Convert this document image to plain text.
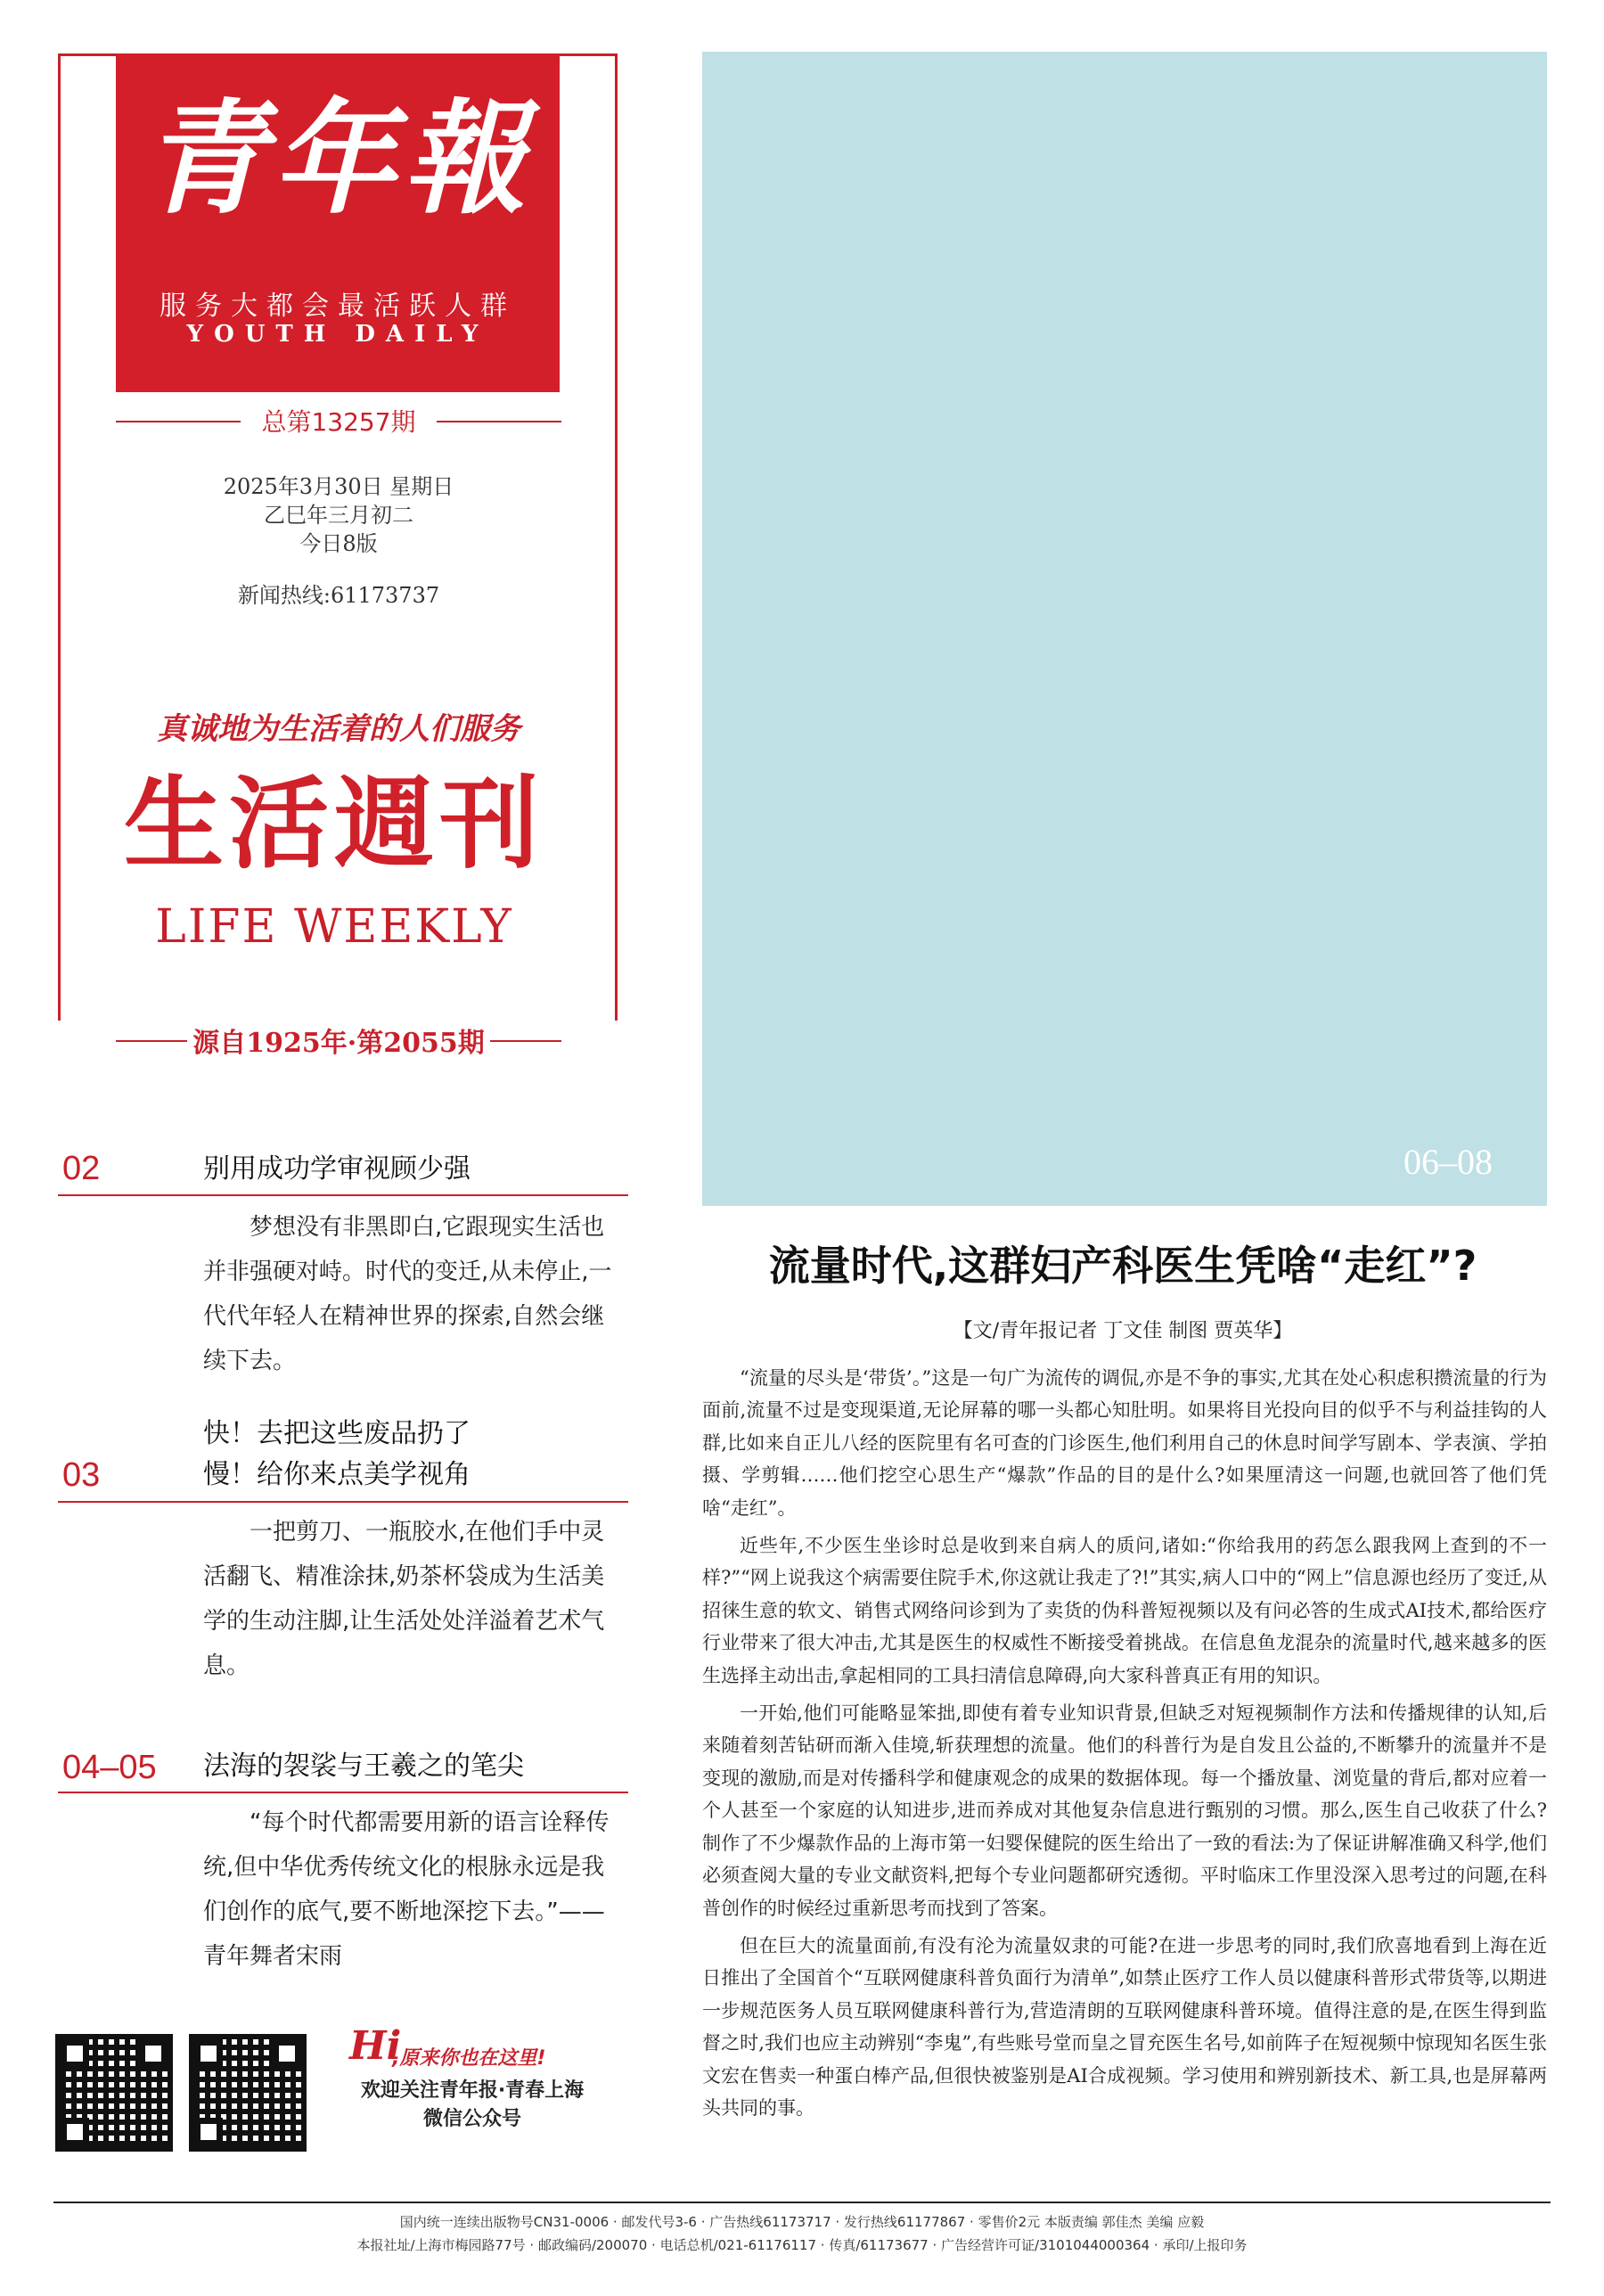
青年報
服务大都会最活跃人群
YOUTH DAILY
总第13257期
2025年3月30日 星期日
乙巳年三月初二
今日8版
新闻热线:61173737
真诚地为生活着的人们服务
生活週刊
LIFE WEEKLY
源自1925年·第2055期
02	别用成功学审视顾少强
梦想没有非黑即白,它跟现实生活也并非强硬对峙。时代的变迁,从未停止,一代代年轻人在精神世界的探索,自然会继续下去。
快！去把这些废品扔了
03	慢！给你来点美学视角
一把剪刀、一瓶胶水,在他们手中灵活翻飞、精准涂抹,奶茶杯袋成为生活美学的生动注脚,让生活处处洋溢着艺术气息。
04–05 法海的袈裟与王羲之的笔尖
“每个时代都需要用新的语言诠释传统,但中华优秀传统文化的根脉永远是我们创作的底气,要不断地深挖下去。”——青年舞者宋雨
Hi
,原来你也在这里!
欢迎关注青年报·青春上海
微信公众号
06–08
流量时代,这群妇产科医生凭啥“走红”?
【文/青年报记者 丁文佳 制图 贾英华】

“流量的尽头是‘带货’。”这是一句广为流传的调侃,亦是不争的事实,尤其在处心积虑积攒流量的行为面前,流量不过是变现渠道,无论屏幕的哪一头都心知肚明。如果将目光投向目的似乎不与利益挂钩的人群,比如来自正儿八经的医院里有名可查的门诊医生,他们利用自己的休息时间学写剧本、学表演、学拍摄、学剪辑……他们挖空心思生产“爆款”作品的目的是什么?如果厘清这一问题,也就回答了他们凭啥“走红”。

近些年,不少医生坐诊时总是收到来自病人的质问,诸如:“你给我用的药怎么跟我网上查到的不一样?”“网上说我这个病需要住院手术,你这就让我走了?!”其实,病人口中的“网上”信息源也经历了变迁,从招徕生意的软文、销售式网络问诊到为了卖货的伪科普短视频以及有问必答的生成式AI技术,都给医疗行业带来了很大冲击,尤其是医生的权威性不断接受着挑战。在信息鱼龙混杂的流量时代,越来越多的医生选择主动出击,拿起相同的工具扫清信息障碍,向大家科普真正有用的知识。

一开始,他们可能略显笨拙,即使有着专业知识背景,但缺乏对短视频制作方法和传播规律的认知,后来随着刻苦钻研而渐入佳境,斩获理想的流量。他们的科普行为是自发且公益的,不断攀升的流量并不是变现的激励,而是对传播科学和健康观念的成果的数据体现。每一个播放量、浏览量的背后,都对应着一个人甚至一个家庭的认知进步,进而养成对其他复杂信息进行甄别的习惯。那么,医生自己收获了什么?制作了不少爆款作品的上海市第一妇婴保健院的医生给出了一致的看法:为了保证讲解准确又科学,他们必须查阅大量的专业文献资料,把每个专业问题都研究透彻。平时临床工作里没深入思考过的问题,在科普创作的时候经过重新思考而找到了答案。

但在巨大的流量面前,有没有沦为流量奴隶的可能?在进一步思考的同时,我们欣喜地看到上海在近日推出了全国首个“互联网健康科普负面行为清单”,如禁止医疗工作人员以健康科普形式带货等,以期进一步规范医务人员互联网健康科普行为,营造清朗的互联网健康科普环境。值得注意的是,在医生得到监督之时,我们也应主动辨别“李鬼”,有些账号堂而皇之冒充医生名号,如前阵子在短视频中惊现知名医生张文宏在售卖一种蛋白棒产品,但很快被鉴别是AI合成视频。学习使用和辨别新技术、新工具,也是屏幕两头共同的事。

国内统一连续出版物号CN31-0006 · 邮发代号3-6 · 广告热线61173717 · 发行热线61177867 · 零售价2元 本版责编 郭佳杰 美编 应毅
本报社址/上海市梅园路77号 · 邮政编码/200070 · 电话总机/021-61176117 · 传真/61173677 · 广告经营许可证/3101044000364 · 承印/上报印务
